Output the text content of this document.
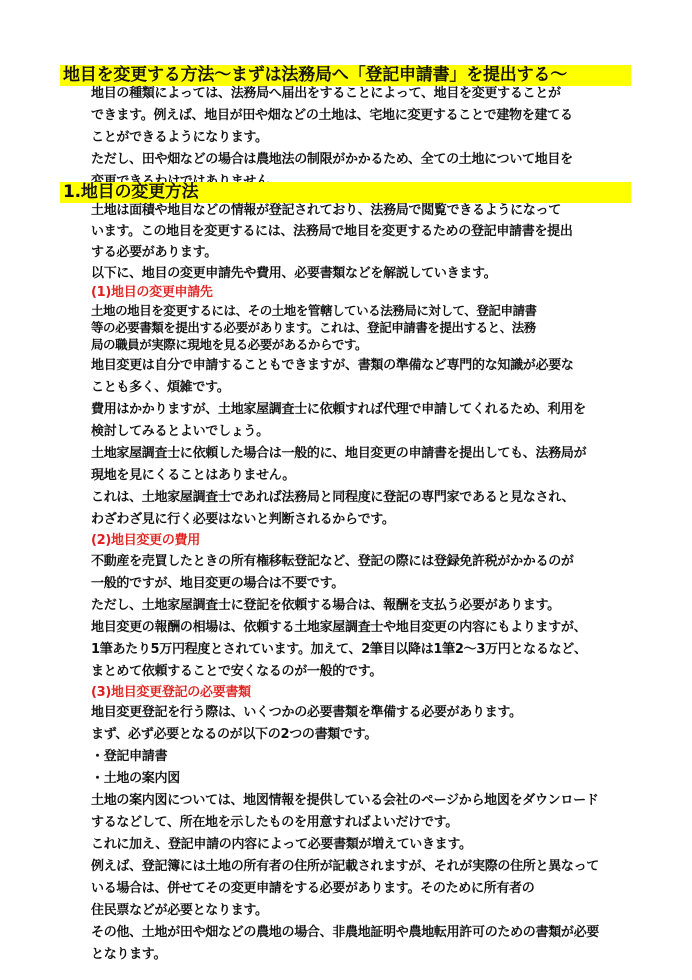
地目を変更する方法～まずは法務局へ「登記申請書」を提出する～
地目の種類によっては、法務局へ届出をすることによって、地目を変更することが
できます。例えば、地目が田や畑などの土地は、宅地に変更することで建物を建てる
ことができるようになります。
ただし、田や畑などの場合は農地法の制限がかかるため、全ての土地について地目を
1.地目の変更方法
土地は面積や地目などの情報が登記されており、法務局で閲覧できるようになって
います。この地目を変更するには、法務局で地目を変更するための登記申請書を提出
する必要があります。
以下に、地目の変更申請先や費用、必要書類などを解説していきます。
(1)地目の変更申請先
土地の地目を変更するには、その土地を管轄している法務局に対して、登記申請書
等の必要書類を提出する必要があります。これは、登記申請書を提出すると、法務
局の職員が実際に現地を見る必要があるからです。
地目変更は自分で申請することもできますが、書類の準備など専門的な知識が必要な
ことも多く、煩雑です。
費用はかかりますが、土地家屋調査士に依頼すれば代理で申請してくれるため、利用を
検討してみるとよいでしょう。
土地家屋調査士に依頼した場合は一般的に、地目変更の申請書を提出しても、法務局が
現地を見にくることはありません。
これは、土地家屋調査士であれば法務局と同程度に登記の専門家であると見なされ、
わざわざ見に行く必要はないと判断されるからです。
(2)地目変更の費用
不動産を売買したときの所有権移転登記など、登記の際には登録免許税がかかるのが
一般的ですが、地目変更の場合は不要です。
ただし、土地家屋調査士に登記を依頼する場合は、報酬を支払う必要があります。
地目変更の報酬の相場は、依頼する土地家屋調査士や地目変更の内容にもよりますが、
1筆あたり5万円程度とされています。加えて、2筆目以降は1筆2～3万円となるなど、
まとめて依頼することで安くなるのが一般的です。
(3)地目変更登記の必要書類
地目変更登記を行う際は、いくつかの必要書類を準備する必要があります。
まず、必ず必要となるのが以下の2つの書類です。
・登記申請書
・土地の案内図
土地の案内図については、地図情報を提供している会社のページから地図をダウンロード
するなどして、所在地を示したものを用意すればよいだけです。
これに加え、登記申請の内容によって必要書類が増えていきます。
例えば、登記簿には土地の所有者の住所が記載されますが、それが実際の住所と異なって
いる場合は、併せてその変更申請をする必要があります。そのために所有者の
住民票などが必要となります。
その他、土地が田や畑などの農地の場合、非農地証明や農地転用許可のための書類が必要
となります。
